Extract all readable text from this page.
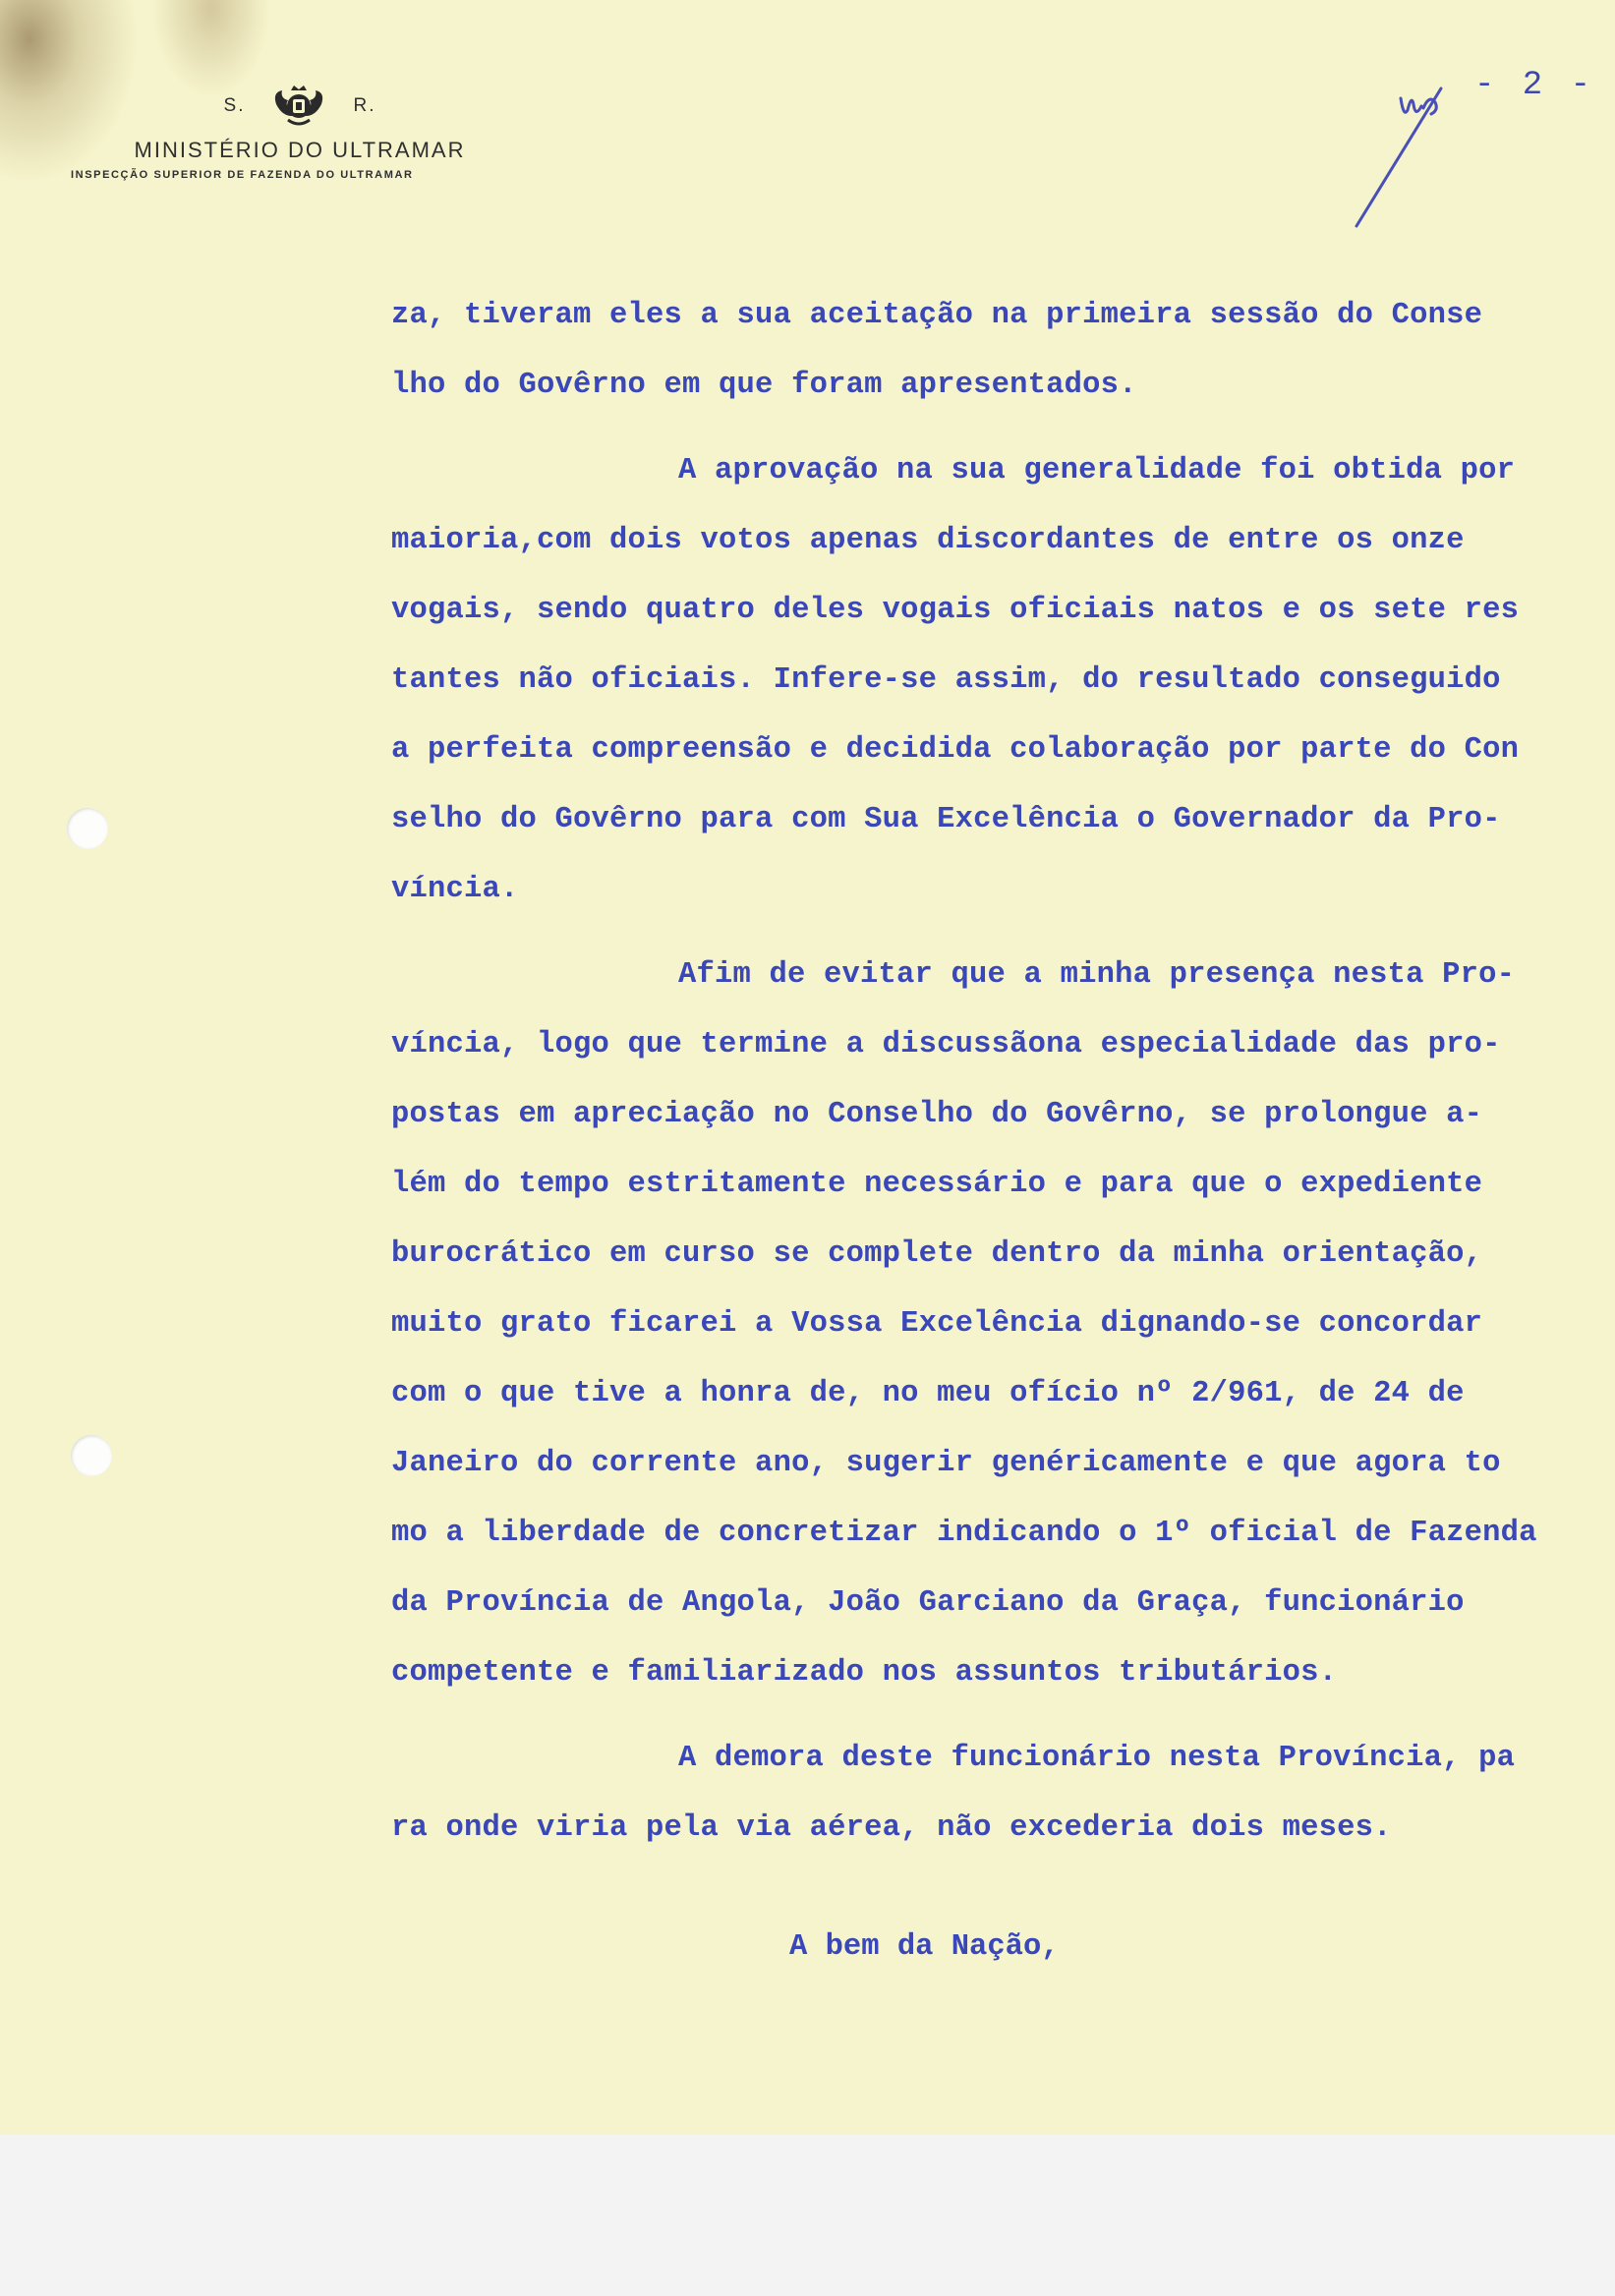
S.	R.
MINISTÉRIO DO ULTRAMAR
INSPECÇÃO SUPERIOR DE FAZENDA DO ULTRAMAR
- 2 -
za, tiveram eles a sua aceitação na primeira sessão do Conse
lho do Govêrno em que foram apresentados.
A aprovação na sua generalidade foi obtida por
maioria,com dois votos apenas discordantes de entre os onze
vogais, sendo quatro deles vogais oficiais natos e os sete res
tantes não oficiais. Infere-se assim, do resultado conseguido
a perfeita compreensão e decidida colaboração por parte do Con
selho do Govêrno para com Sua Excelência o Governador da Pro-
víncia.
Afim de evitar que a minha presença nesta Pro-
víncia, logo que termine a discussãona especialidade das pro-
postas em apreciação no Conselho do Govêrno, se prolongue a-
lém do tempo estritamente necessário e para que o expediente
burocrático em curso se complete dentro da minha orientação,
muito grato ficarei a Vossa Excelência dignando-se concordar
com o que tive a honra de, no meu ofício nº 2/961, de 24 de
Janeiro do corrente ano, sugerir genéricamente e que agora to
mo a liberdade de concretizar indicando o 1º oficial de Fazenda
da Província de Angola, João Garciano da Graça, funcionário
competente e familiarizado nos assuntos tributários.
A demora deste funcionário nesta Província, pa
ra onde viria pela via aérea, não excederia dois meses.
A bem da Nação,
